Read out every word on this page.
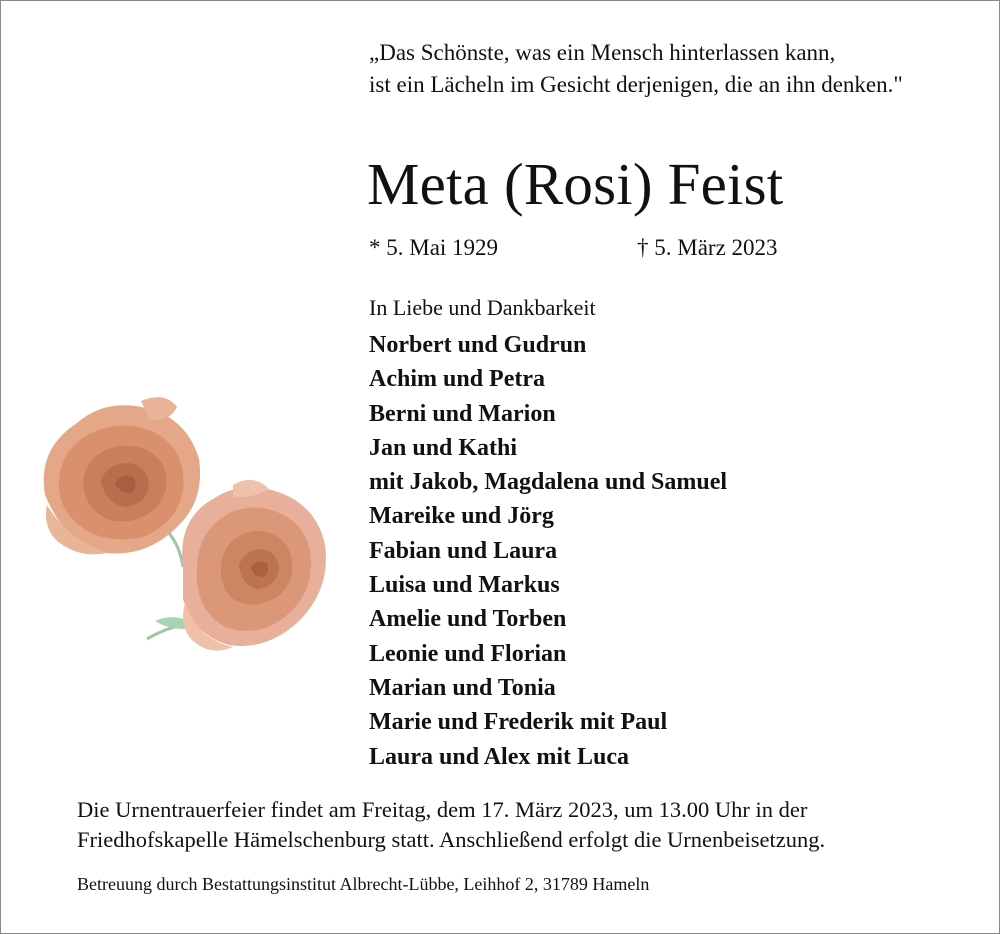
„Das Schönste, was ein Mensch hinterlassen kann,
ist ein Lächeln im Gesicht derjenigen, die an ihn denken."
Meta (Rosi) Feist
* 5. Mai 1929	† 5. März 2023
In Liebe und Dankbarkeit
Norbert und Gudrun
Achim und Petra
Berni und Marion
Jan und Kathi
mit Jakob, Magdalena und Samuel
Mareike und Jörg
Fabian und Laura
Luisa und Markus
Amelie und Torben
Leonie und Florian
Marian und Tonia
Marie und Frederik mit Paul
Laura und Alex mit Luca
Die Urnentrauerfeier findet am Freitag, dem 17. März 2023, um 13.00 Uhr in der
Friedhofskapelle Hämelschenburg statt. Anschließend erfolgt die Urnenbeisetzung.
Betreuung durch Bestattungsinstitut Albrecht-Lübbe, Leihhof 2, 31789 Hameln
